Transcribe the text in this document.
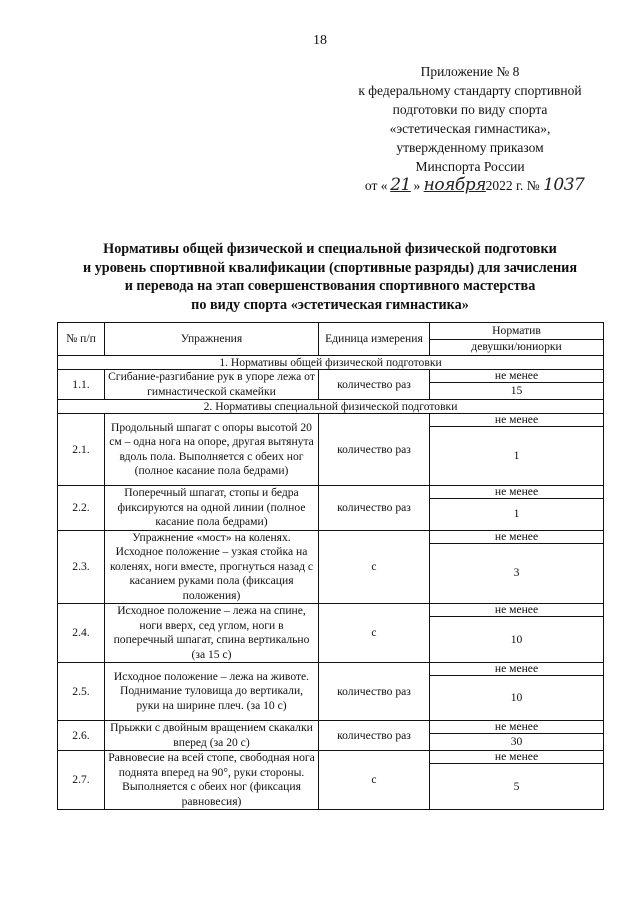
18
Приложение № 8
к федеральному стандарту спортивной
подготовки по виду спорта
«эстетическая гимнастика»,
утвержденному приказом
Минспорта России
от « 21 » ноября2022 г. № 1037
Нормативы общей физической и специальной физической подготовки
и уровень спортивной квалификации (спортивные разряды) для зачисления
и перевода на этап совершенствования спортивного мастерства
по виду спорта «эстетическая гимнастика»
№ п/п	Упражнения	Единица измерения	Норматив
			девушки/юниорки
1. Нормативы общей физической подготовки			
1.1.	Сгибание-разгибание рук в упоре лежа от гимнастической скамейки	количество раз	не менее
			15
2. Нормативы специальной физической подготовки			
2.1.	Продольный шпагат с опоры высотой 20 см – одна нога на опоре, другая вытянута вдоль пола. Выполняется с обеих ног (полное касание пола бедрами)	количество раз	не менее
			1
2.2.	Поперечный шпагат, стопы и бедра фиксируются на одной линии (полное касание пола бедрами)	количество раз	не менее
			1
2.3.	Упражнение «мост» на коленях. Исходное положение – узкая стойка на коленях, ноги вместе, прогнуться назад с касанием руками пола (фиксация положения)	с	не менее
			3
2.4.	Исходное положение – лежа на спине, ноги вверх, сед углом, ноги в поперечный шпагат, спина вертикально (за 15 с)	с	не менее
			10
2.5.	Исходное положение – лежа на животе. Поднимание туловища до вертикали, руки на ширине плеч. (за 10 с)	количество раз	не менее
			10
2.6.	Прыжки с двойным вращением скакалки вперед (за 20 с)	количество раз	не менее
			30
2.7.	Равновесие на всей стопе, свободная нога поднята вперед на 90°, руки стороны. Выполняется с обеих ног (фиксация равновесия)	с	не менее
			5
